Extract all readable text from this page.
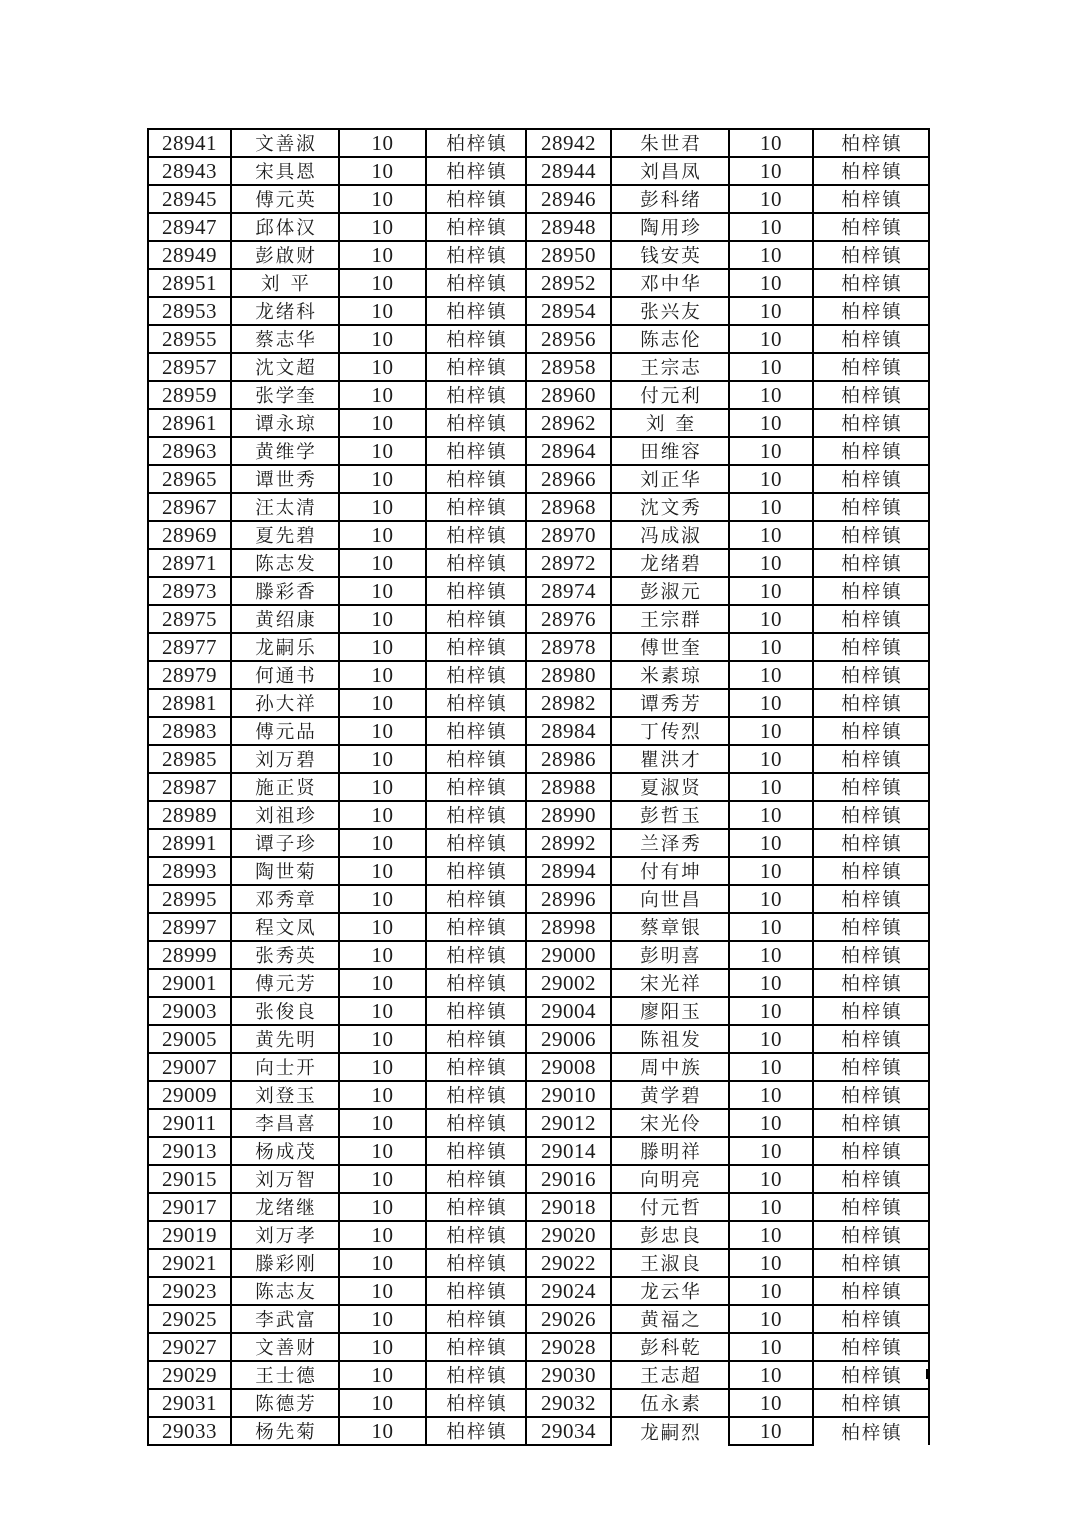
28941	文善淑	10	柏梓镇	28942	朱世君	10	柏梓镇
28943	宋具恩	10	柏梓镇	28944	刘昌凤	10	柏梓镇
28945	傅元英	10	柏梓镇	28946	彭科绪	10	柏梓镇
28947	邱体汉	10	柏梓镇	28948	陶用珍	10	柏梓镇
28949	彭啟财	10	柏梓镇	28950	钱安英	10	柏梓镇
28951	刘平	10	柏梓镇	28952	邓中华	10	柏梓镇
28953	龙绪科	10	柏梓镇	28954	张兴友	10	柏梓镇
28955	蔡志华	10	柏梓镇	28956	陈志伦	10	柏梓镇
28957	沈文超	10	柏梓镇	28958	王宗志	10	柏梓镇
28959	张学奎	10	柏梓镇	28960	付元利	10	柏梓镇
28961	谭永琼	10	柏梓镇	28962	刘奎	10	柏梓镇
28963	黄维学	10	柏梓镇	28964	田维容	10	柏梓镇
28965	谭世秀	10	柏梓镇	28966	刘正华	10	柏梓镇
28967	汪太清	10	柏梓镇	28968	沈文秀	10	柏梓镇
28969	夏先碧	10	柏梓镇	28970	冯成淑	10	柏梓镇
28971	陈志发	10	柏梓镇	28972	龙绪碧	10	柏梓镇
28973	滕彩香	10	柏梓镇	28974	彭淑元	10	柏梓镇
28975	黄绍康	10	柏梓镇	28976	王宗群	10	柏梓镇
28977	龙嗣乐	10	柏梓镇	28978	傅世奎	10	柏梓镇
28979	何通书	10	柏梓镇	28980	米素琼	10	柏梓镇
28981	孙大祥	10	柏梓镇	28982	谭秀芳	10	柏梓镇
28983	傅元品	10	柏梓镇	28984	丁传烈	10	柏梓镇
28985	刘万碧	10	柏梓镇	28986	瞿洪才	10	柏梓镇
28987	施正贤	10	柏梓镇	28988	夏淑贤	10	柏梓镇
28989	刘祖珍	10	柏梓镇	28990	彭哲玉	10	柏梓镇
28991	谭子珍	10	柏梓镇	28992	兰泽秀	10	柏梓镇
28993	陶世菊	10	柏梓镇	28994	付有坤	10	柏梓镇
28995	邓秀章	10	柏梓镇	28996	向世昌	10	柏梓镇
28997	程文凤	10	柏梓镇	28998	蔡章银	10	柏梓镇
28999	张秀英	10	柏梓镇	29000	彭明喜	10	柏梓镇
29001	傅元芳	10	柏梓镇	29002	宋光祥	10	柏梓镇
29003	张俊良	10	柏梓镇	29004	廖阳玉	10	柏梓镇
29005	黄先明	10	柏梓镇	29006	陈祖发	10	柏梓镇
29007	向士开	10	柏梓镇	29008	周中族	10	柏梓镇
29009	刘登玉	10	柏梓镇	29010	黄学碧	10	柏梓镇
29011	李昌喜	10	柏梓镇	29012	宋光伶	10	柏梓镇
29013	杨成茂	10	柏梓镇	29014	滕明祥	10	柏梓镇
29015	刘万智	10	柏梓镇	29016	向明亮	10	柏梓镇
29017	龙绪继	10	柏梓镇	29018	付元哲	10	柏梓镇
29019	刘万孝	10	柏梓镇	29020	彭忠良	10	柏梓镇
29021	滕彩刚	10	柏梓镇	29022	王淑良	10	柏梓镇
29023	陈志友	10	柏梓镇	29024	龙云华	10	柏梓镇
29025	李武富	10	柏梓镇	29026	黄福之	10	柏梓镇
29027	文善财	10	柏梓镇	29028	彭科乾	10	柏梓镇
29029	王士德	10	柏梓镇	29030	王志超	10	柏梓镇
29031	陈德芳	10	柏梓镇	29032	伍永素	10	柏梓镇
29033	杨先菊	10	柏梓镇	29034	龙嗣烈	10	柏梓镇
